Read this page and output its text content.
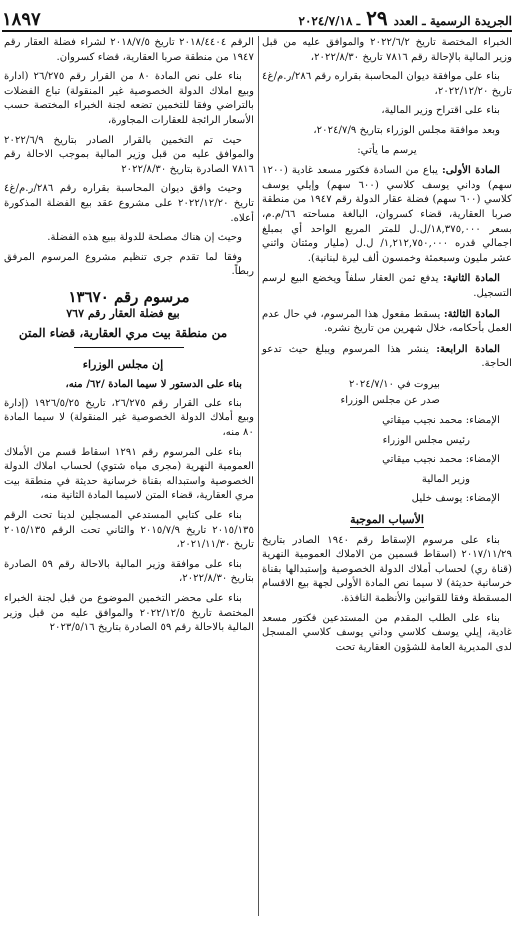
الجريدة الرسمية ـ العدد
٢٩
ـ ٢٠٢٤/٧/١٨
١٨٩٧

الخبراء المختصة تاريخ ٢٠٢٢/٦/٢ والموافق عليه من قبل وزير المالية بالإحالة رقم ٧٨١٦ تاريخ ٢٠٢٢/٨/٣٠،

بناء على موافقة ديوان المحاسبة بقراره رقم ٢٨٦/ر.م/غ٤ تاريخ ٢٠٢٢/١٢/٢٠،

بناء على اقتراح وزير المالية،

وبعد موافقة مجلس الوزراء بتاريخ ٢٠٢٤/٧/٩،

يرسم ما يأتي:

المادة الأولى: يباع من السادة فكتور مسعد غادية (١٢٠٠ سهم) وداني يوسف كلاسي (٦٠٠ سهم) وإيلي يوسف كلاسي (٦٠٠ سهم) فضلة عقار الدولة رقم ١٩٤٧ من منطقة صربا العقارية، قضاء كسروان، البالغة مساحته ٦٦/م.م، بسعر ١٨,٣٧٥,٠٠٠/ل.ل للمتر المربع الواحد أي بمبلغ اجمالي قدره ١,٢١٢,٧٥٠,٠٠٠/ ل.ل (مليار ومئتان واثني عشر مليون وسبعمئة وخمسون ألف ليرة لبنانية).

المادة الثانية: يدفع ثمن العقار سلفاً ويخضع البيع لرسم التسجيل.

المادة الثالثة: يسقط مفعول هذا المرسوم، في حال عدم العمل بأحكامه، خلال شهرين من تاريخ نشره.

المادة الرابعة: ينشر هذا المرسوم ويبلغ حيث تدعو الحاجة.

بيروت في ٢٠٢٤/٧/١٠

صدر عن مجلس الوزراء

الإمضاء: محمد نجيب ميقاتي

رئيس مجلس الوزراء

الإمضاء: محمد نجيب ميقاتي

وزير المالية

الإمضاء: يوسف خليل

الأسباب الموجبة

بناء على مرسوم الإسقاط رقم ١٩٤٠ الصادر بتاريخ ٢٠١٧/١١/٢٩ (اسقاط قسمين من الاملاك العمومية النهرية (قناة ري) لحساب أملاك الدولة الخصوصية وإستبدالها بقناة خرسانية حديثة) لا سيما نص المادة الأولى لجهة بيع الاقسام المسقطة وفقا للقوانين والأنظمة النافذة.

بناء على الطلب المقدم من المستدعين فكتور مسعد غادية، إيلي يوسف كلاسي وداني يوسف كلاسي المسجل لدى المديرية العامة للشؤون العقارية تحت

الرقم ٢٠١٨/٤٤٠٤ تاريخ ٢٠١٨/٧/٥ لشراء فضلة العقار رقم ١٩٤٧ من منطقة صربا العقارية، قضاء كسروان.

بناء على نص المادة ٨٠ من القرار رقم ٢٦/٢٧٥ (ادارة وبيع املاك الدولة الخصوصية غير المنقولة) تباع الفضلات بالتراضي وفقا للتخمين تضعه لجنة الخبراء المختصة حسب الأسعار الرائجة للعقارات المجاورة،

حيث تم التخمين بالقرار الصادر بتاريخ ٢٠٢٢/٦/٩ والموافق عليه من قبل وزير المالية بموجب الاحالة رقم ٧٨١٦ الصادرة بتاريخ ٢٠٢٢/٨/٣٠

وحيث وافق ديوان المحاسبة بقراره رقم ٢٨٦/ر.م/غ٤ تاريخ ٢٠٢٢/١٢/٢٠ على مشروع عقد بيع الفضلة المذكورة أعلاه.

وحيث إن هناك مصلحة للدولة ببيع هذه الفضلة.

وفقا لما تقدم جرى تنظيم مشروع المرسوم المرفق ربطاً.

مرسوم رقم ١٣٦٧٠

بيع فضلة العقار رقم ٧٦٧

من منطقة بيت مري العقارية، قضاء المتن

إن مجلس الوزراء

بناء على الدستور لا سيما المادة /٦٢/ منه،

بناء على القرار رقم ٢٦/٢٧٥، تاريخ ١٩٢٦/٥/٢٥ (إدارة وبيع أملاك الدولة الخصوصية غير المنقولة) لا سيما المادة ٨٠ منه،

بناء على المرسوم رقم ١٢٩١ اسقاط قسم من الأملاك العمومية النهرية (مجرى مياه شتوي) لحساب املاك الدولة الخصوصية واستبداله بقناة خرسانية حديثة في منطقة بيت مري العقارية، قضاء المتن لاسيما المادة الثانية منه،

بناء على كتابي المستدعي المسجلين لدينا تحت الرقم ٢٠١٥/١٣٥ تاريخ ٢٠١٥/٧/٩ والثاني تحت الرقم ٢٠١٥/١٣٥ تاريخ ٢٠٢١/١١/٣٠،

بناء على موافقة وزير المالية بالاحالة رقم ٥٩ الصادرة بتاريخ ٢٠٢٢/٨/٣٠،

بناء على محضر التخمين الموضوع من قبل لجنة الخبراء المختصة تاريخ ٢٠٢٢/١٢/٥ والموافق عليه من قبل وزير المالية بالاحالة رقم ٥٩ الصادرة بتاريخ ٢٠٢٣/٥/١٦
